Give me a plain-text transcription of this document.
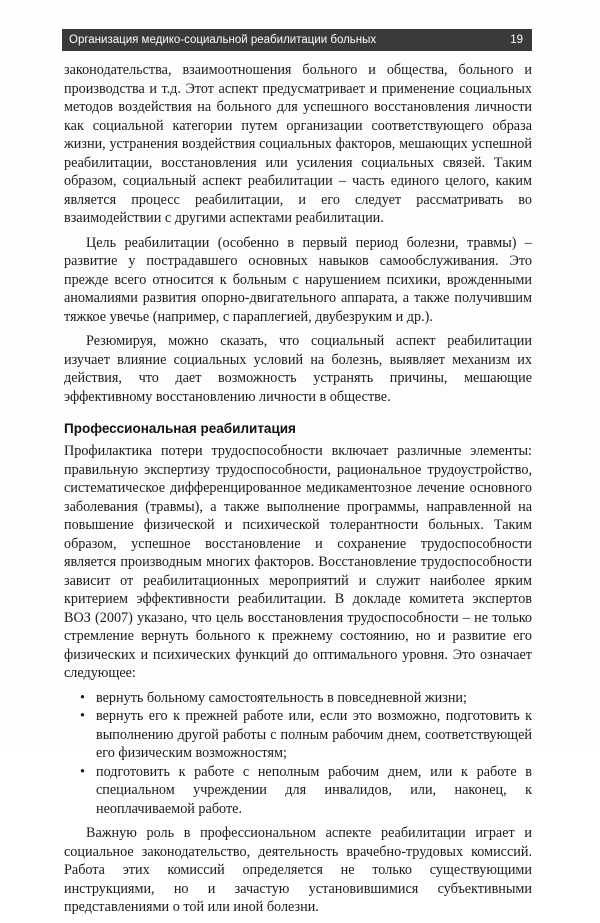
Организация медико-социальной реабилитации больных	19

законодательства, взаимоотношения больного и общества, больного и производства и т.д. Этот аспект предусматривает и применение социальных методов воздействия на больного для успешного восстановления личности как социальной категории путем организации соответствующего образа жизни, устранения воздействия социальных факторов, мешающих успешной реабилитации, восстановления или усиления социальных связей. Таким образом, социальный аспект реабилитации – часть единого целого, каким является процесс реабилитации, и его следует рассматривать во взаимодействии с другими аспектами реабилитации.

Цель реабилитации (особенно в первый период болезни, травмы) – развитие у пострадавшего основных навыков самообслуживания. Это прежде всего относится к больным с нарушением психики, врожденными аномалиями развития опорно-двигательного аппарата, а также получившим тяжкое увечье (например, с параплегией, двубезруким и др.).

Резюмируя, можно сказать, что социальный аспект реабилитации изучает влияние социальных условий на болезнь, выявляет механизм их действия, что дает возможность устранять причины, мешающие эффективному восстановлению личности в обществе.

Профессиональная реабилитация

Профилактика потери трудоспособности включает различные элементы: правильную экспертизу трудоспособности, рациональное трудоустройство, систематическое дифференцированное медикаментозное лечение основного заболевания (травмы), а также выполнение программы, направленной на повышение физической и психической толерантности больных. Таким образом, успешное восстановление и сохранение трудоспособности является производным многих факторов. Восстановление трудоспособности зависит от реабилитационных мероприятий и служит наиболее ярким критерием эффективности реабилитации. В докладе комитета экспертов ВОЗ (2007) указано, что цель восстановления трудоспособности – не только стремление вернуть больного к прежнему состоянию, но и развитие его физических и психических функций до оптимального уровня. Это означает следующее:

• вернуть больному самостоятельность в повседневной жизни;
• вернуть его к прежней работе или, если это возможно, подготовить к выполнению другой работы с полным рабочим днем, соответствующей его физическим возможностям;
• подготовить к работе с неполным рабочим днем, или к работе в специальном учреждении для инвалидов, или, наконец, к неоплачиваемой работе.

Важную роль в профессиональном аспекте реабилитации играет и социальное законодательство, деятельность врачебно-трудовых комиссий. Работа этих комиссий определяется не только существующими инструкциями, но и зачастую установившимися субъективными представлениями о той или иной болезни.
